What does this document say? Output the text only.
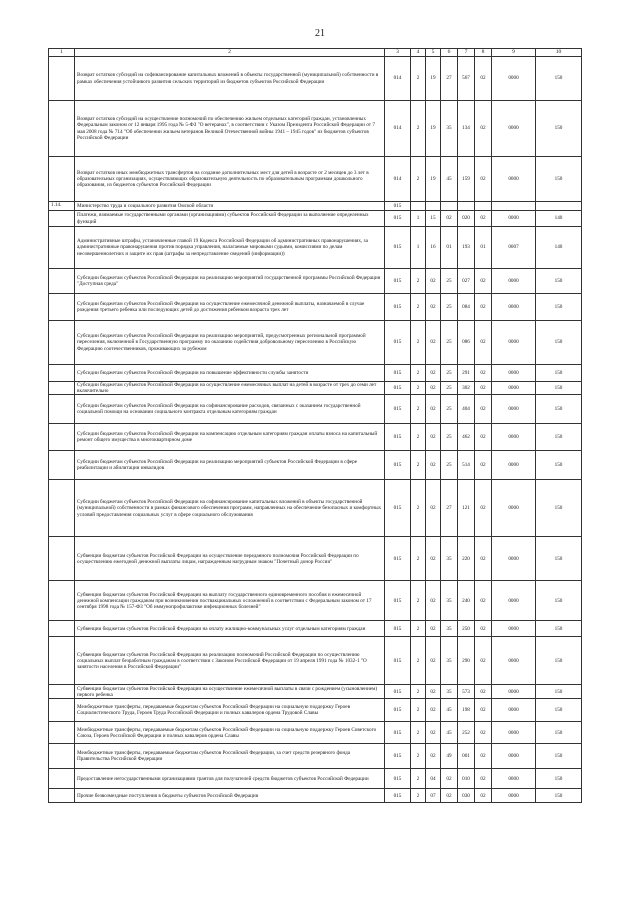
21
1	2	3	4	5	6	7	8	9	10
	Возврат остатков субсидий на софинансирование капитальных вложений в объекты государственной (муниципальной) собственности в рамках обеспечения устойчивого развития сельских территорий из бюджетов субъектов Российской Федерации	014	2	19	27	567	02	0000	150
	Возврат остатков субсидий на осуществление полномочий по обеспечению жильем отдельных категорий граждан, установленных Федеральным законом от 12 января 1995 года № 5-ФЗ "О ветеранах", в соответствии с Указом Президента Российской Федерации от 7 мая 2008 года № 714 "Об обеспечении жильем ветеранов Великой Отечественной войны 1941 – 1945 годов" из бюджетов субъектов Российской Федерации	014	2	19	35	134	02	0000	150
	Возврат остатков иных межбюджетных трансфертов на создание дополнительных мест для детей в возрасте от 2 месяцев до 3 лет в образовательных организациях, осуществляющих образовательную деятельность по образовательным программам дошкольного образования, из бюджетов субъектов Российской Федерации	014	2	19	45	159	02	0000	150
1.14.	Министерство труда и социального развития Омской области	015							
	Платежи, взимаемые государственными органами (организациями) субъектов Российской Федерации за выполнение определенных функций	015	1	15	02	020	02	0000	140
	Административные штрафы, установленные главой 19 Кодекса Российской Федерации об административных правонарушениях, за административные правонарушения против порядка управления, налагаемые мировыми судьями, комиссиями по делам несовершеннолетних и защите их прав (штрафы за непредставление сведений (информации))	015	1	16	01	193	01	0007	140
	Субсидии бюджетам субъектов Российской Федерации на реализацию мероприятий государственной программы Российской Федерации "Доступная среда"	015	2	02	25	027	02	0000	150
	Субсидии бюджетам субъектов Российской Федерации на осуществление ежемесячной денежной выплаты, назначаемой в случае рождения третьего ребенка или последующих детей до достижения ребенком возраста трех лет	015	2	02	25	084	02	0000	150
	Субсидии бюджетам субъектов Российской Федерации на реализацию мероприятий, предусмотренных региональной программой переселения, включенной в Государственную программу по оказанию содействия добровольному переселению в Российскую Федерацию соотечественников, проживающих за рубежом	015	2	02	25	086	02	0000	150
	Субсидии бюджетам субъектов Российской Федерации на повышение эффективности службы занятости	015	2	02	25	291	02	0000	150
	Субсидии бюджетам субъектов Российской Федерации на осуществление ежемесячных выплат на детей в возрасте от трех до семи лет включительно	015	2	02	25	302	02	0000	150
	Субсидии бюджетам субъектов Российской Федерации на софинансирование расходов, связанных с оказанием государственной социальной помощи на основании социального контракта отдельным категориям граждан	015	2	02	25	404	02	0000	150
	Субсидии бюджетам субъектов Российской Федерации на компенсацию отдельным категориям граждан оплаты взноса на капитальный ремонт общего имущества в многоквартирном доме	015	2	02	25	462	02	0000	150
	Субсидии бюджетам субъектов Российской Федерации на реализацию мероприятий субъектов Российской Федерации в сфере реабилитации и абилитации инвалидов	015	2	02	25	514	02	0000	150
	Субсидии бюджетам субъектов Российской Федерации на софинансирование капитальных вложений в объекты государственной (муниципальной) собственности в рамках финансового обеспечения программ, направленных на обеспечение безопасных и комфортных условий предоставления социальных услуг в сфере социального обслуживания	015	2	02	27	121	02	0000	150
	Субвенции бюджетам субъектов Российской Федерации на осуществление переданного полномочия Российской Федерации по осуществлению ежегодной денежной выплаты лицам, награжденным нагрудным знаком "Почетный донор России"	015	2	02	35	220	02	0000	150
	Субвенции бюджетам субъектов Российской Федерации на выплату государственного единовременного пособия и ежемесячной денежной компенсации гражданам при возникновении поствакцинальных осложнений в соответствии с Федеральным законом от 17 сентября 1998 года № 157-ФЗ "Об иммунопрофилактике инфекционных болезней"	015	2	02	35	240	02	0000	150
	Субвенции бюджетам субъектов Российской Федерации на оплату жилищно-коммунальных услуг отдельным категориям граждан	015	2	02	35	250	02	0000	150
	Субвенции бюджетам субъектов Российской Федерации на реализацию полномочий Российской Федерации по осуществлению социальных выплат безработным гражданам в соответствии с Законом Российской Федерации от 19 апреля 1991 года № 1032-1 "О занятости населения в Российской Федерации"	015	2	02	35	290	02	0000	150
	Субвенции бюджетам субъектов Российской Федерации на осуществление ежемесячной выплаты в связи с рождением (усыновлением) первого ребенка	015	2	02	35	573	02	0000	150
	Межбюджетные трансферты, передаваемые бюджетам субъектов Российской Федерации на социальную поддержку Героев Социалистического Труда, Героев Труда Российской Федерации и полных кавалеров ордена Трудовой Славы	015	2	02	45	198	02	0000	150
	Межбюджетные трансферты, передаваемые бюджетам субъектов Российской Федерации на социальную поддержку Героев Советского Союза, Героев Российской Федерации и полных кавалеров ордена Славы	015	2	02	45	252	02	0000	150
	Межбюджетные трансферты, передаваемые бюджетам субъектов Российской Федерации, за счет средств резервного фонда Правительства Российской Федерации	015	2	02	49	001	02	0000	150
	Предоставление негосударственными организациями грантов для получателей средств бюджетов субъектов Российской Федерации	015	2	04	02	010	02	0000	150
	Прочие безвозмездные поступления в бюджеты субъектов Российской Федерации	015	2	07	02	030	02	0000	150
